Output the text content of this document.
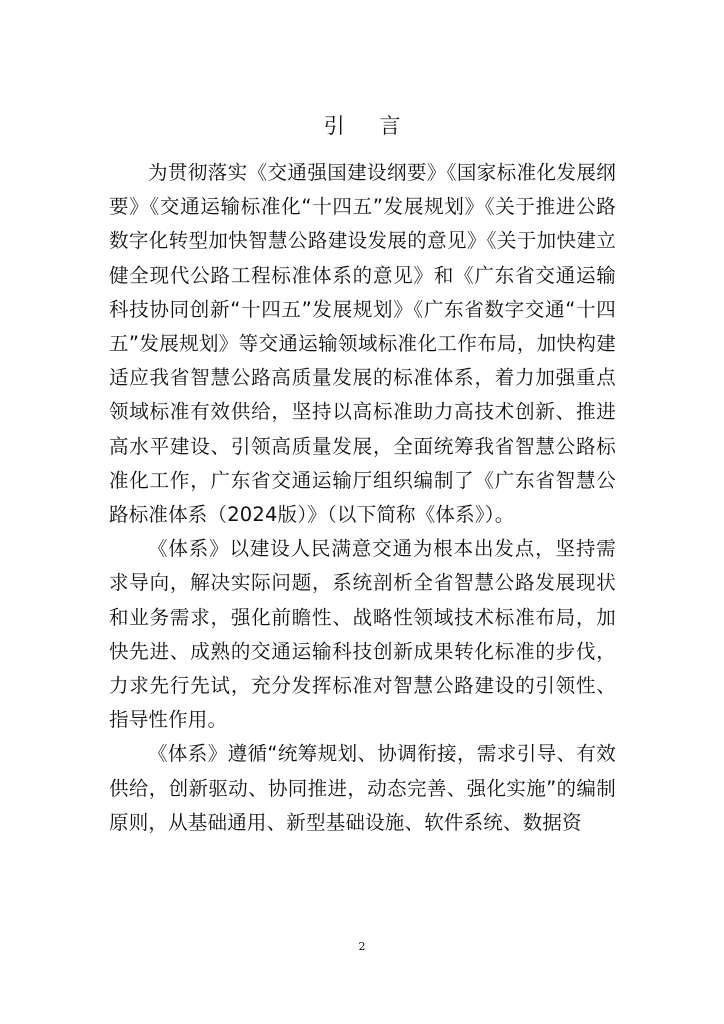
引 言

为贯彻落实《交通强国建设纲要》《国家标准化发展纲要》《交通运输标准化“十四五”发展规划》《关于推进公路数字化转型加快智慧公路建设发展的意见》《关于加快建立健全现代公路工程标准体系的意见》和《广东省交通运输科技协同创新“十四五”发展规划》《广东省数字交通“十四五”发展规划》等交通运输领域标准化工作布局，加快构建适应我省智慧公路高质量发展的标准体系，着力加强重点领域标准有效供给，坚持以高标准助力高技术创新、推进高水平建设、引领高质量发展，全面统筹我省智慧公路标准化工作，广东省交通运输厅组织编制了《广东省智慧公路标准体系（2024版）》（以下简称《体系》）。

《体系》以建设人民满意交通为根本出发点，坚持需求导向，解决实际问题，系统剖析全省智慧公路发展现状和业务需求，强化前瞻性、战略性领域技术标准布局，加快先进、成熟的交通运输科技创新成果转化标准的步伐，力求先行先试，充分发挥标准对智慧公路建设的引领性、指导性作用。

《体系》遵循“统筹规划、协调衔接，需求引导、有效供给，创新驱动、协同推进，动态完善、强化实施”的编制原则，从基础通用、新型基础设施、软件系统、数据资

2
